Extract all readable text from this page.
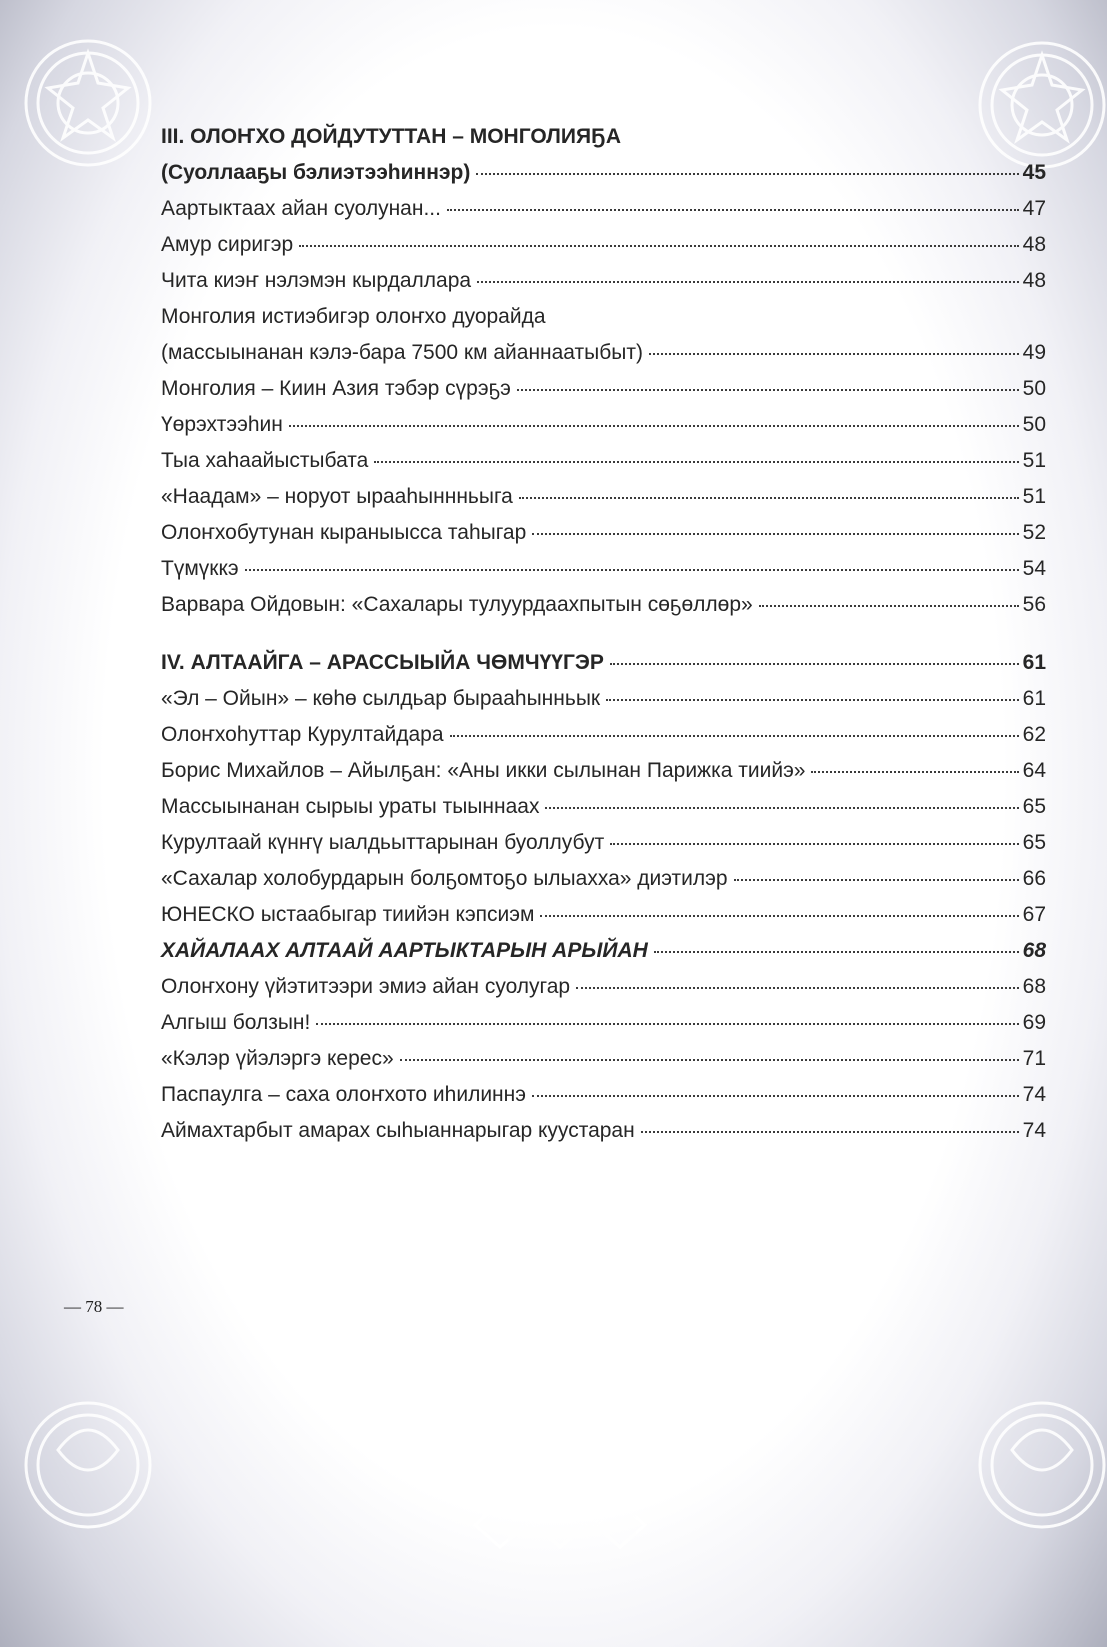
III. ОЛОҤХО ДОЙДУТУТТАН – МОНГОЛИЯҔА
(Суоллааҕы бэлиэтээһиннэр)	45
Аартыктаах айан суолунан...	47
Амур сиригэр	48
Чита киэҥ нэлэмэн кырдаллара	48
Монголия истиэбигэр олоҥхо дуорайда
(массыынанан кэлэ-бара 7500 км айаннаатыбыт)	49
Монголия – Киин Азия тэбэр сүрэҕэ	50
Үөрэхтээһин	50
Тыа хаһаайыстыбата	51
«Наадам» – норуот ырааһыннньыга	51
Олоҥхобутунан кыраныысса таһыгар	52
Түмүккэ	54
Варвара Ойдовын: «Сахалары тулуурдаахпытын сөҕөллөр»	56
IV. АЛТААЙГА – АРАССЫЫЙА ЧӨМЧҮҮГЭР	61
«Эл – Ойын» – көһө сылдьар бырааһынньык	61
Олоҥхоһуттар Курултайдара	62
Борис Михайлов – Айылҕан: «Аны икки сылынан Парижка тиийэ»	64
Массыынанан сырыы ураты тыыннаах	65
Курултаай күнҥү ыалдьыттарынан буоллубут	65
«Сахалар холобурдарын болҕомтоҕо ылыахха» диэтилэр	66
ЮНЕСКО ыстаабыгар тиийэн кэпсиэм	67
ХАЙАЛААХ АЛТААЙ ААРТЫКТАРЫН АРЫЙАН	68
Олоҥхону үйэтитээри эмиэ айан суолугар	68
Алгыш болзын!	69
«Кэлэр үйэлэргэ керес»	71
Паспаулга – саха олоҥхото иһилиннэ	74
Аймахтарбыт амарах сыһыаннарыгар куустаран	74
— 78 —
